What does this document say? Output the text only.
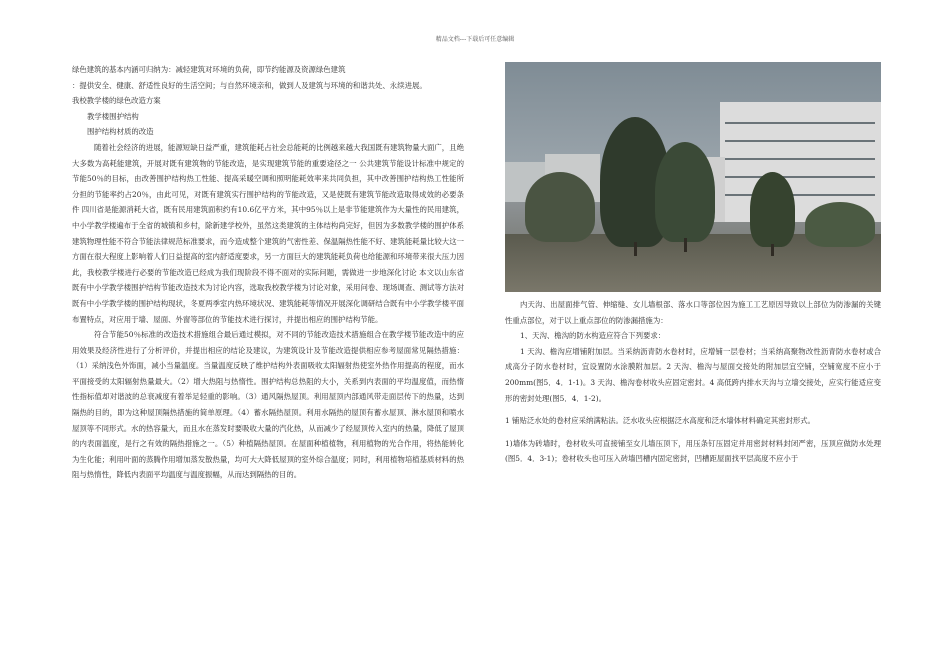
精品文档---下载后可任意编辑

绿色建筑的基本内涵可归纳为：减轻建筑对环境的负荷，即节约能源及资源绿色建筑

：提供安全、健康、舒适性良好的生活空间；与自然环境亲和，做到人及建筑与环境的和谐共处、永续进展。

我校教学楼的绿色改造方案

教学楼围护结构

围护结构材质的改造

随着社会经济的进展，能源短缺日益严重，建筑能耗占社会总能耗的比例越来越大我国既有建筑物量大面广，且绝大多数为高耗能建筑，开展对既有建筑物的节能改造，是实现建筑节能的重要途径之一 公共建筑节能设计标准中规定的节能50％的目标，由改善围护结构热工性能、提高采暖空调和照明能耗效率来共同负担，其中改善围护结构热工性能所分担的节能率约占20％，由此可见，对既有建筑实行围护结构的节能改造，又是使既有建筑节能改造取得成效的必要条件 四川省是能源消耗大省，既有民用建筑面积约有10.6亿平方米，其中95％以上是非节能建筑作为大量性的民用建筑，中小学教学楼遍布于全省的城镇和乡村，除新建学校外，虽然这类建筑的主体结构尚完好，但因为多数教学楼的围护体系建筑物理性能不符合节能法律规范标准要求，而今造成整个建筑的气密性差、保温隔热性能不好、建筑能耗量比较大这一方面在很大程度上影响着人们日益提高的室内舒适度要求，另一方面巨大的建筑能耗负荷也给能源和环境带来很大压力因此，我校教学楼进行必要的节能改造已经成为我们现阶段不得不面对的实际问题，需做进一步地深化讨论 本文以山东省既有中小学教学楼围护结构节能改造技术为讨论内容，选取我校教学楼为讨论对象，采用问卷、现场调查、测试等方法对既有中小学教学楼的围护结构现状，冬夏两季室内热环境状况、建筑能耗等情况开展深化调研结合既有中小学教学楼平面布置特点，对应用于墙、屋面、外窗等部位的节能技术进行探讨，并提出相应的围护结构节能。

符合节能50％标准的改造技术措施组合最后通过模拟，对不同的节能改造技术措施组合在教学楼节能改造中的应用效果及经济性进行了分析评价，并提出相应的结论及建议，为建筑设计及节能改造提供相应参考屋面常见隔热措施：（1）采纳浅色外饰面，减小当量温度。当量温度反映了维护结构外表面吸收太阳辐射热使室外热作用提高的程度，而水平面接受的太阳辐射热量最大。（2）增大热阻与热惰性。围护结构总热阻的大小，关系到内表面的平均温度值，而热惰性指标值却对谐波的总衰减度有着举足轻重的影响。（3）通风隔热屋顶。利用屋顶内部通风带走面层传下的热量，达到隔热的目的，即为这种屋顶隔热措施的简单原理。（4）蓄水隔热屋顶。利用水隔热的屋顶有蓄水屋顶、淋水屋顶和喷水屋顶等不同形式。水的热容量大，而且水在蒸发时要吸收大量的汽化热，从而减少了经屋顶传入室内的热量，降低了屋顶的内表面温度，是行之有效的隔热措施之一。（5）种植隔热屋顶。在屋面种植植物，利用植物的光合作用，将热能转化为生化能；利用叶面的蒸腾作用增加蒸发散热量，均可大大降低屋顶的室外综合温度；同时，利用植物培植基质材料的热阻与热惰性，降低内表面平均温度与温度振幅，从而达到隔热的目的。

内天沟、出屋面排气管、伸缩缝、女儿墙根部、落水口等部位因为施工工艺原因导致以上部位为防渗漏的关键性重点部位，对于以上重点部位的防渗漏措施为：

1、天沟、檐沟的防水构造应符合下列要求：

1 天沟、檐沟应增铺附加层。当采纳沥青防水卷材时，应增铺一层卷材；当采纳高聚物改性沥青防水卷材或合成高分子防水卷材时，宜设置防水涂膜附加层。2 天沟、檐沟与屋面交接处的附加层宜空铺，空铺宽度不应小于 200mm(图5．4．1-1)。3 天沟、檐沟卷材收头应固定密封。4 高低跨内排水天沟与立墙交接处，应实行能适应变形的密封处理(图5．4．1-2)。

1 铺贴泛水处的卷材应采纳满粘法。泛水收头应根据泛水高度和泛水墙体材料确定其密封形式。

1)墙体为砖墙时，卷材收头可直接铺至女儿墙压顶下，用压条钉压固定并用密封材料封闭严密，压顶应做防水处理(图5．4．3-1)；卷材收头也可压入砖墙凹槽内固定密封，凹槽距屋面找平层高度不应小于
